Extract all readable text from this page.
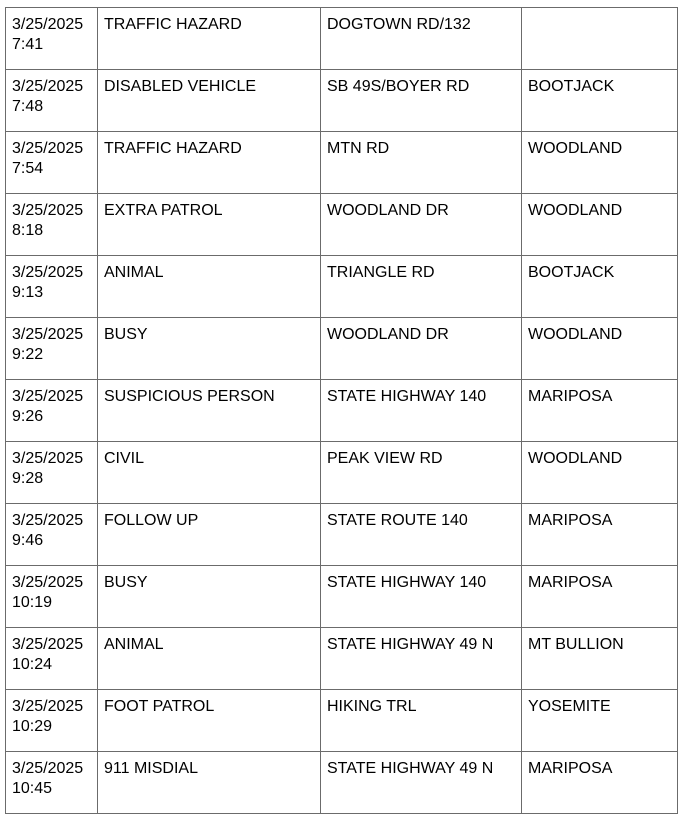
3/25/2025
7:41	TRAFFIC HAZARD	DOGTOWN RD/132	

3/25/2025
7:48	DISABLED VEHICLE	SB 49S/BOYER RD	BOOTJACK

3/25/2025
7:54	TRAFFIC HAZARD	MTN RD	WOODLAND

3/25/2025
8:18	EXTRA PATROL	WOODLAND DR	WOODLAND

3/25/2025
9:13	ANIMAL	TRIANGLE RD	BOOTJACK

3/25/2025
9:22	BUSY	WOODLAND DR	WOODLAND

3/25/2025
9:26	SUSPICIOUS PERSON	STATE HIGHWAY 140	MARIPOSA

3/25/2025
9:28	CIVIL	PEAK VIEW RD	WOODLAND

3/25/2025
9:46	FOLLOW UP	STATE ROUTE 140	MARIPOSA

3/25/2025
10:19	BUSY	STATE HIGHWAY 140	MARIPOSA

3/25/2025
10:24	ANIMAL	STATE HIGHWAY 49 N	MT BULLION

3/25/2025
10:29	FOOT PATROL	HIKING TRL	YOSEMITE

3/25/2025
10:45	911 MISDIAL	STATE HIGHWAY 49 N	MARIPOSA
